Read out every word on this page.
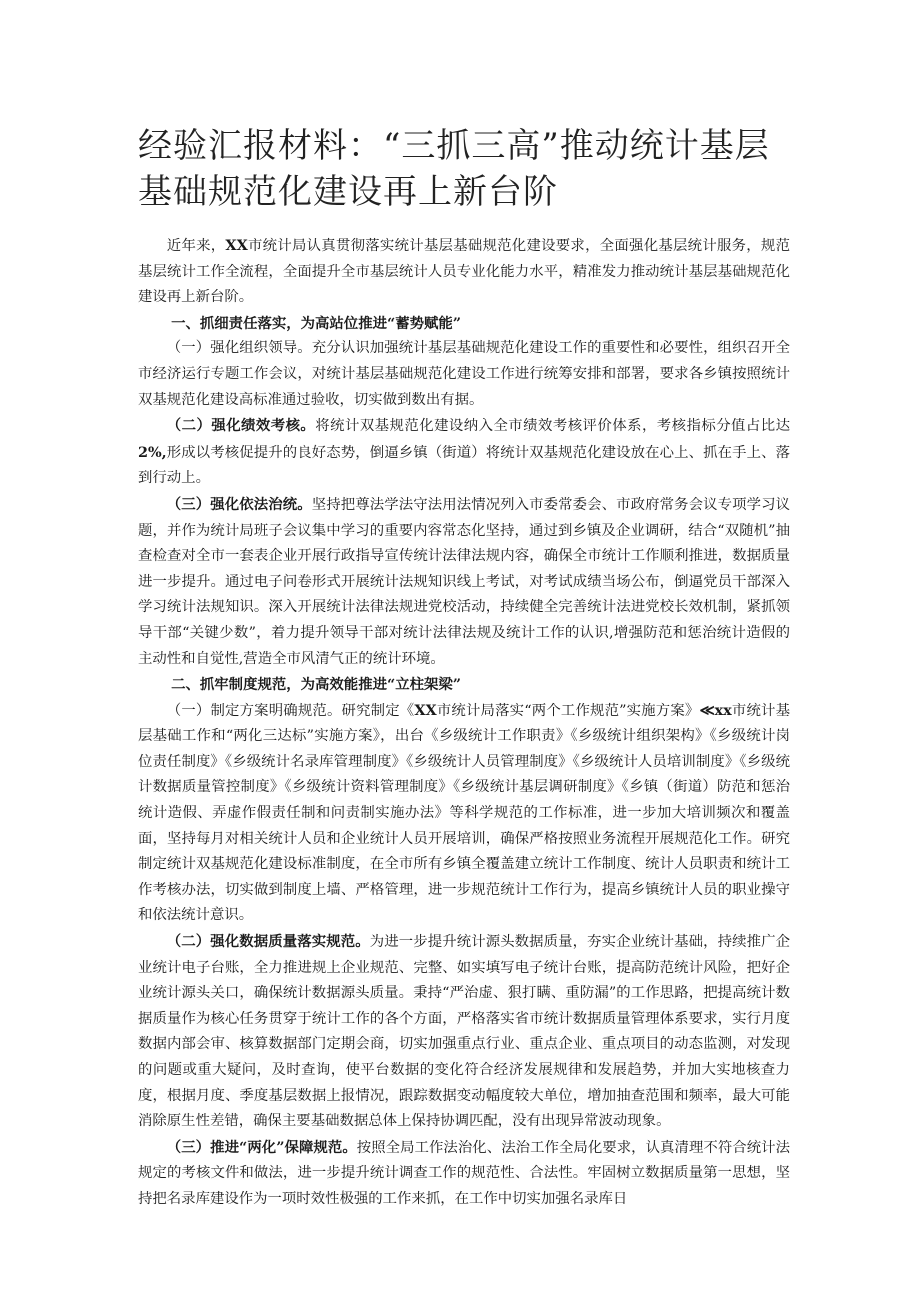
经验汇报材料：“三抓三高”推动统计基层基础规范化建设再上新台阶

近年来，XX市统计局认真贯彻落实统计基层基础规范化建设要求，全面强化基层统计服务，规范基层统计工作全流程，全面提升全市基层统计人员专业化能力水平，精准发力推动统计基层基础规范化建设再上新台阶。

一、抓细责任落实，为高站位推进“蓄势赋能”

（一）强化组织领导。充分认识加强统计基层基础规范化建设工作的重要性和必要性，组织召开全市经济运行专题工作会议，对统计基层基础规范化建设工作进行统筹安排和部署，要求各乡镇按照统计双基规范化建设高标准通过验收，切实做到数出有据。

（二）强化绩效考核。将统计双基规范化建设纳入全市绩效考核评价体系，考核指标分值占比达2%,形成以考核促提升的良好态势，倒逼乡镇（街道）将统计双基规范化建设放在心上、抓在手上、落到行动上。

（三）强化依法治统。坚持把尊法学法守法用法情况列入市委常委会、市政府常务会议专项学习议题，并作为统计局班子会议集中学习的重要内容常态化坚持，通过到乡镇及企业调研，结合“双随机”抽查检查对全市一套表企业开展行政指导宣传统计法律法规内容，确保全市统计工作顺利推进，数据质量进一步提升。通过电子问卷形式开展统计法规知识线上考试，对考试成绩当场公布，倒逼党员干部深入学习统计法规知识。深入开展统计法律法规进党校活动，持续健全完善统计法进党校长效机制，紧抓领导干部“关键少数”，着力提升领导干部对统计法律法规及统计工作的认识,增强防范和惩治统计造假的主动性和自觉性,营造全市风清气正的统计环境。

二、抓牢制度规范，为高效能推进“立柱架梁”

（一）制定方案明确规范。研究制定《XX市统计局落实“两个工作规范”实施方案》≪xx市统计基层基础工作和“两化三达标”实施方案》，出台《乡级统计工作职责》《乡级统计组织架构》《乡级统计岗位责任制度》《乡级统计名录库管理制度》《乡级统计人员管理制度》《乡级统计人员培训制度》《乡级统计数据质量管控制度》《乡级统计资料管理制度》《乡级统计基层调研制度》《乡镇（街道）防范和惩治统计造假、弄虚作假责任制和问责制实施办法》等科学规范的工作标准，进一步加大培训频次和覆盖面，坚持每月对相关统计人员和企业统计人员开展培训，确保严格按照业务流程开展规范化工作。研究制定统计双基规范化建设标准制度，在全市所有乡镇全覆盖建立统计工作制度、统计人员职责和统计工作考核办法，切实做到制度上墙、严格管理，进一步规范统计工作行为，提高乡镇统计人员的职业操守和依法统计意识。

（二）强化数据质量落实规范。为进一步提升统计源头数据质量，夯实企业统计基础，持续推广企业统计电子台账，全力推进规上企业规范、完整、如实填写电子统计台账，提高防范统计风险，把好企业统计源头关口，确保统计数据源头质量。秉持“严治虚、狠打瞒、重防漏”的工作思路，把提高统计数据质量作为核心任务贯穿于统计工作的各个方面，严格落实省市统计数据质量管理体系要求，实行月度数据内部会审、核算数据部门定期会商，切实加强重点行业、重点企业、重点项目的动态监测，对发现的问题或重大疑问，及时查询，使平台数据的变化符合经济发展规律和发展趋势，并加大实地核查力度，根据月度、季度基层数据上报情况，跟踪数据变动幅度较大单位，增加抽查范围和频率，最大可能消除原生性差错，确保主要基础数据总体上保持协调匹配，没有出现异常波动现象。

（三）推进“两化”保障规范。按照全局工作法治化、法治工作全局化要求，认真清理不符合统计法规定的考核文件和做法，进一步提升统计调查工作的规范性、合法性。牢固树立数据质量第一思想，坚持把名录库建设作为一项时效性极强的工作来抓，在工作中切实加强名录库日
